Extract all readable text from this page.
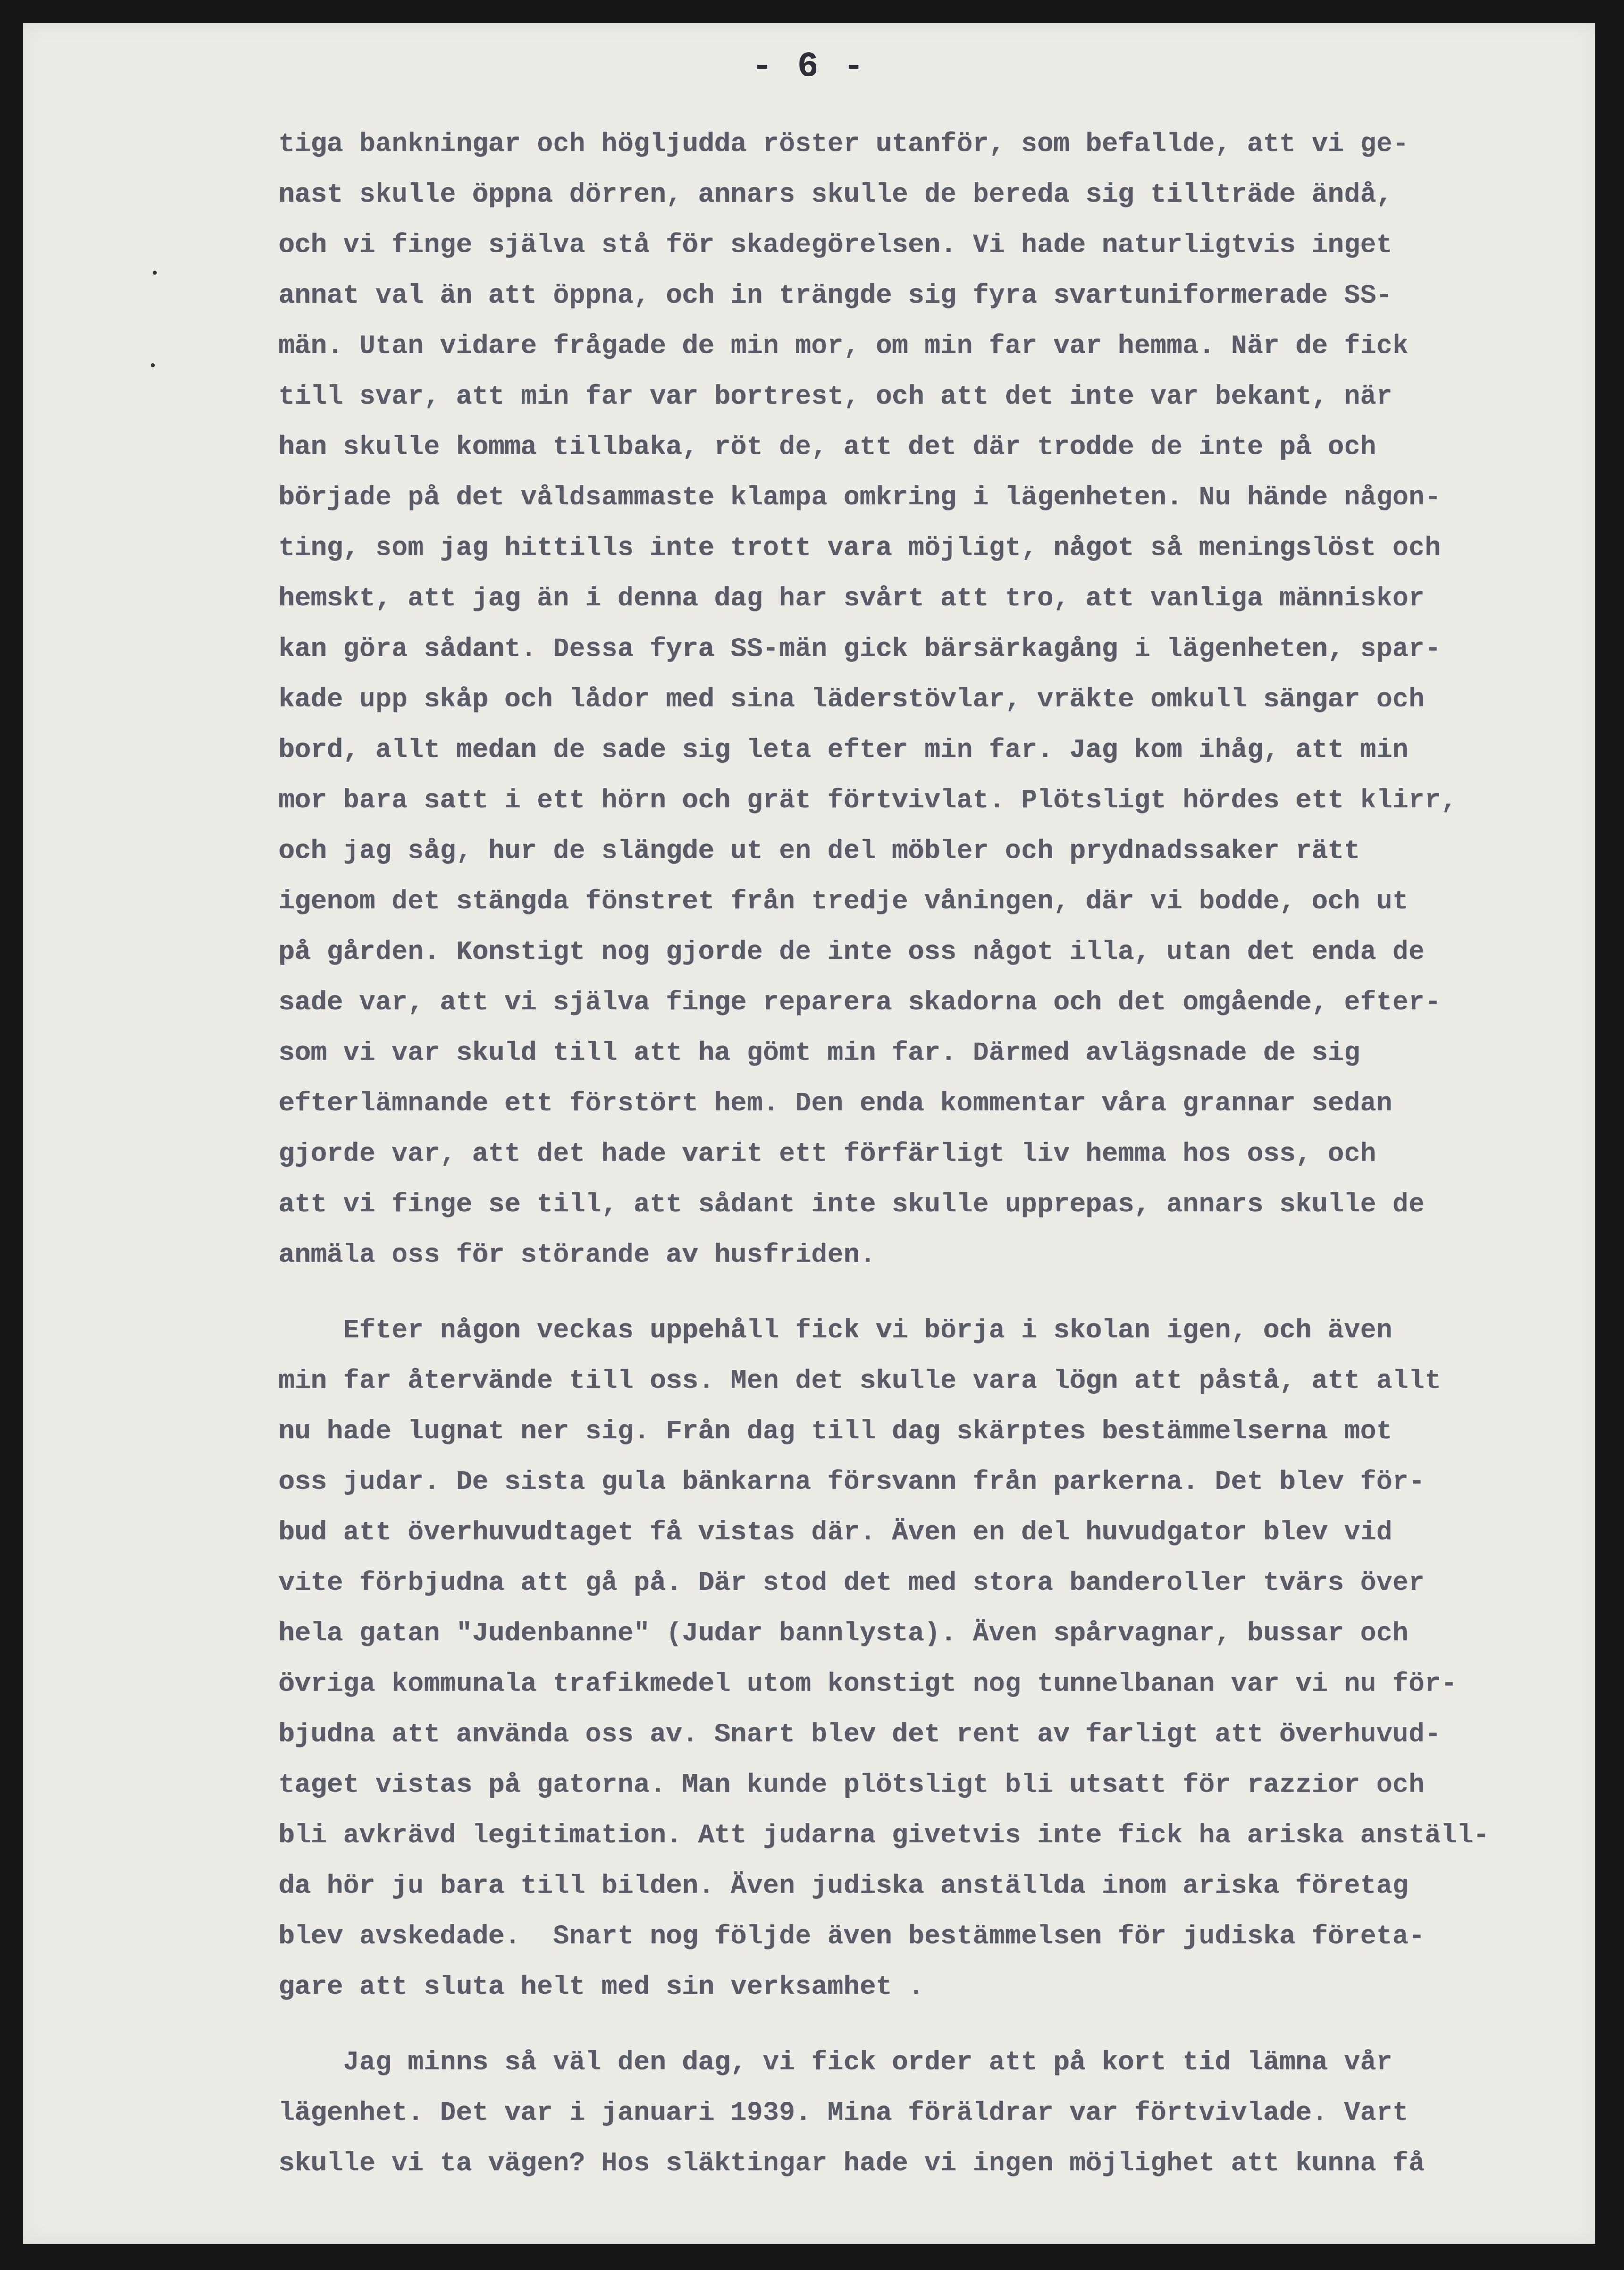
- 6 -
tiga bankningar och högljudda röster utanför, som befallde, att vi ge-
nast skulle öppna dörren, annars skulle de bereda sig tillträde ändå,
och vi finge själva stå för skadegörelsen. Vi hade naturligtvis inget
annat val än att öppna, och in trängde sig fyra svartuniformerade SS-
män. Utan vidare frågade de min mor, om min far var hemma. När de fick
till svar, att min far var bortrest, och att det inte var bekant, när
han skulle komma tillbaka, röt de, att det där trodde de inte på och
började på det våldsammaste klampa omkring i lägenheten. Nu hände någon-
ting, som jag hittills inte trott vara möjligt, något så meningslöst och
hemskt, att jag än i denna dag har svårt att tro, att vanliga människor
kan göra sådant. Dessa fyra SS-män gick bärsärkagång i lägenheten, spar-
kade upp skåp och lådor med sina läderstövlar, vräkte omkull sängar och
bord, allt medan de sade sig leta efter min far. Jag kom ihåg, att min
mor bara satt i ett hörn och grät förtvivlat. Plötsligt hördes ett klirr,
och jag såg, hur de slängde ut en del möbler och prydnadssaker rätt
igenom det stängda fönstret från tredje våningen, där vi bodde, och ut
på gården. Konstigt nog gjorde de inte oss något illa, utan det enda de
sade var, att vi själva finge reparera skadorna och det omgående, efter-
som vi var skuld till att ha gömt min far. Därmed avlägsnade de sig
efterlämnande ett förstört hem. Den enda kommentar våra grannar sedan
gjorde var, att det hade varit ett förfärligt liv hemma hos oss, och
att vi finge se till, att sådant inte skulle upprepas, annars skulle de
anmäla oss för störande av husfriden.
Efter någon veckas uppehåll fick vi börja i skolan igen, och även
min far återvände till oss. Men det skulle vara lögn att påstå, att allt
nu hade lugnat ner sig. Från dag till dag skärptes bestämmelserna mot
oss judar. De sista gula bänkarna försvann från parkerna. Det blev för-
bud att överhuvudtaget få vistas där. Även en del huvudgator blev vid
vite förbjudna att gå på. Där stod det med stora banderoller tvärs över
hela gatan "Judenbanne" (Judar bannlysta). Även spårvagnar, bussar och
övriga kommunala trafikmedel utom konstigt nog tunnelbanan var vi nu för-
bjudna att använda oss av. Snart blev det rent av farligt att överhuvud-
taget vistas på gatorna. Man kunde plötsligt bli utsatt för razzior och
bli avkrävd legitimation. Att judarna givetvis inte fick ha ariska anställ-
da hör ju bara till bilden. Även judiska anställda inom ariska företag
blev avskedade.  Snart nog följde även bestämmelsen för judiska företa-
gare att sluta helt med sin verksamhet .
Jag minns så väl den dag, vi fick order att på kort tid lämna vår
lägenhet. Det var i januari 1939. Mina föräldrar var förtvivlade. Vart
skulle vi ta vägen? Hos släktingar hade vi ingen möjlighet att kunna få
